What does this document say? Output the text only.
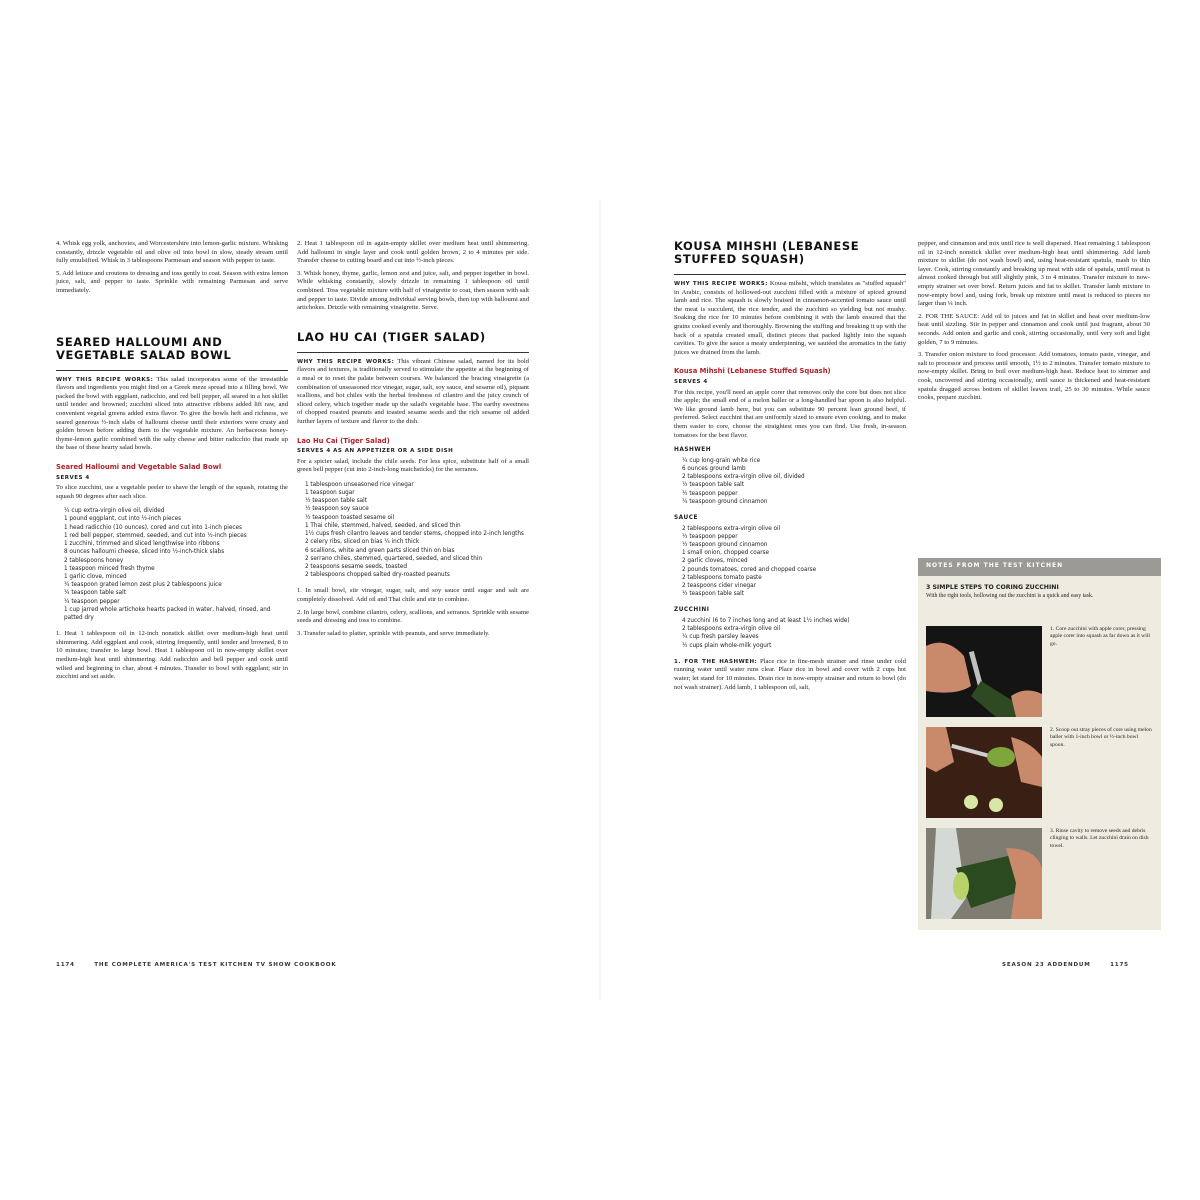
4. Whisk egg yolk, anchovies, and Worcestershire into lemon-garlic mixture. Whisking constantly, drizzle vegetable oil and olive oil into bowl in slow, steady stream until fully emulsified. Whisk in 3 tablespoons Parmesan and season with pepper to taste.

5. Add lettuce and croutons to dressing and toss gently to coat. Season with extra lemon juice, salt, and pepper to taste. Sprinkle with remaining Parmesan and serve immediately.

SEARED HALLOUMI AND VEGETABLE SALAD BOWL

WHY THIS RECIPE WORKS: This salad incorporates some of the irresistible flavors and ingredients you might find on a Greek meze spread into a filling bowl. We packed the bowl with eggplant, radicchio, and red bell pepper, all seared in a hot skillet until tender and browned; zucchini sliced into attractive ribbons added lift raw, and convenient vegetal greens added extra flavor. To give the bowls heft and richness, we seared generous ½-inch slabs of halloumi cheese until their exteriors were crusty and golden brown before adding them to the vegetable mixture. An herbaceous honey-thyme-lemon garlic combined with the salty cheese and bitter radicchio that made up the base of these hearty salad bowls.

Seared Halloumi and Vegetable Salad Bowl
SERVES 4

To slice zucchini, use a vegetable peeler to shave the length of the squash, rotating the squash 90 degrees after each slice.

¼ cup extra-virgin olive oil, divided
1 pound eggplant, cut into ½-inch pieces
1 head radicchio (10 ounces), cored and cut into 1-inch pieces
1 red bell pepper, stemmed, seeded, and cut into ½-inch pieces
1 zucchini, trimmed and sliced lengthwise into ribbons
8 ounces halloumi cheese, sliced into ½-inch-thick slabs
2 tablespoons honey
1 teaspoon minced fresh thyme
1 garlic clove, minced
¼ teaspoon grated lemon zest plus 2 tablespoons juice
¼ teaspoon table salt
¼ teaspoon pepper
1 cup jarred whole artichoke hearts packed in water, halved, rinsed, and patted dry

1. Heat 1 tablespoon oil in 12-inch nonstick skillet over medium-high heat until shimmering. Add eggplant and cook, stirring frequently, until tender and browned, 8 to 10 minutes; transfer to large bowl. Heat 1 tablespoon oil in now-empty skillet over medium-high heat until shimmering. Add radicchio and bell pepper and cook until wilted and beginning to char, about 4 minutes. Transfer to bowl with eggplant; stir in zucchini and set aside.

2. Heat 1 tablespoon oil in again-empty skillet over medium heat until shimmering. Add halloumi in single layer and cook until golden brown, 2 to 4 minutes per side. Transfer cheese to cutting board and cut into ½-inch pieces.

3. Whisk honey, thyme, garlic, lemon zest and juice, salt, and pepper together in bowl. While whisking constantly, slowly drizzle in remaining 1 tablespoon oil until combined. Toss vegetable mixture with half of vinaigrette to coat, then season with salt and pepper to taste. Divide among individual serving bowls, then top with halloumi and artichokes. Drizzle with remaining vinaigrette. Serve.

LAO HU CAI (TIGER SALAD)

WHY THIS RECIPE WORKS: This vibrant Chinese salad, named for its bold flavors and textures, is traditionally served to stimulate the appetite at the beginning of a meal or to reset the palate between courses. We balanced the bracing vinaigrette (a combination of unseasoned rice vinegar, sugar, salt, soy sauce, and sesame oil), piquant scallions, and hot chiles with the herbal freshness of cilantro and the juicy crunch of sliced celery, which together made up the salad's vegetable base. The earthy sweetness of chopped roasted peanuts and toasted sesame seeds and the rich sesame oil added further layers of texture and flavor to the dish.

Lao Hu Cai (Tiger Salad)
SERVES 4 AS AN APPETIZER OR A SIDE DISH

For a spicier salad, include the chile seeds. For less spice, substitute half of a small green bell pepper (cut into 2-inch-long matchsticks) for the serranos.

1 tablespoon unseasoned rice vinegar
1 teaspoon sugar
½ teaspoon table salt
½ teaspoon soy sauce
½ teaspoon toasted sesame oil
1 Thai chile, stemmed, halved, seeded, and sliced thin
1½ cups fresh cilantro leaves and tender stems, chopped into 2-inch lengths
2 celery ribs, sliced on bias ¼ inch thick
6 scallions, white and green parts sliced thin on bias
2 serrano chiles, stemmed, quartered, seeded, and sliced thin
2 teaspoons sesame seeds, toasted
2 tablespoons chopped salted dry-roasted peanuts

1. In small bowl, stir vinegar, sugar, salt, and soy sauce until sugar and salt are completely dissolved. Add oil and Thai chile and stir to combine.

2. In large bowl, combine cilantro, celery, scallions, and serranos. Sprinkle with sesame seeds and dressing and toss to combine.

3. Transfer salad to platter, sprinkle with peanuts, and serve immediately.

KOUSA MIHSHI (LEBANESE STUFFED SQUASH)

WHY THIS RECIPE WORKS: Kousa mihshi, which translates as "stuffed squash" in Arabic, consists of hollowed-out zucchini filled with a mixture of spiced ground lamb and rice. The squash is slowly braised in cinnamon-accented tomato sauce until the meat is succulent, the rice tender, and the zucchini so yielding but not mushy. Soaking the rice for 10 minutes before combining it with the lamb ensured that the grains cooked evenly and thoroughly. Browning the stuffing and breaking it up with the back of a spatula created small, distinct pieces that packed lightly into the squash cavities. To give the sauce a meaty underpinning, we sautéed the aromatics in the fatty juices we drained from the lamb.

Kousa Mihshi (Lebanese Stuffed Squash)
SERVES 4

For this recipe, you'll need an apple corer that removes only the core but does not slice the apple; the small end of a melon baller or a long-handled bar spoon is also helpful. We like ground lamb here, but you can substitute 90 percent lean ground beef, if preferred. Select zucchini that are uniformly sized to ensure even cooking, and to make them easier to core, choose the straightest ones you can find. Use fresh, in-season tomatoes for the best flavor.

HASHWEH
¼ cup long-grain white rice
6 ounces ground lamb
2 tablespoons extra-virgin olive oil, divided
½ teaspoon table salt
½ teaspoon pepper
¼ teaspoon ground cinnamon
SAUCE
2 tablespoons extra-virgin olive oil
½ teaspoon pepper
½ teaspoon ground cinnamon
1 small onion, chopped coarse
2 garlic cloves, minced
2 pounds tomatoes, cored and chopped coarse
2 tablespoons tomato paste
2 teaspoons cider vinegar
½ teaspoon table salt
ZUCCHINI
4 zucchini (6 to 7 inches long and at least 1½ inches wide)
2 tablespoons extra-virgin olive oil
¼ cup fresh parsley leaves
½ cups plain whole-milk yogurt

1. FOR THE HASHWEH: Place rice in fine-mesh strainer and rinse under cold running water until water runs clear. Place rice in bowl and cover with 2 cups hot water; let stand for 10 minutes. Drain rice in now-empty strainer and return to bowl (do not wash strainer). Add lamb, 1 tablespoon oil, salt,

pepper, and cinnamon and mix until rice is well dispersed. Heat remaining 1 tablespoon oil in 12-inch nonstick skillet over medium-high heat until shimmering. Add lamb mixture to skillet (do not wash bowl) and, using heat-resistant spatula, mash to thin layer. Cook, stirring constantly and breaking up meat with side of spatula, until meat is almost cooked through but still slightly pink, 3 to 4 minutes. Transfer mixture to now-empty strainer set over bowl. Return juices and fat to skillet. Transfer lamb mixture to now-empty bowl and, using fork, break up mixture until meat is reduced to pieces no larger than ¼ inch.

2. FOR THE SAUCE: Add oil to juices and fat in skillet and heat over medium-low heat until sizzling. Stir in pepper and cinnamon and cook until just fragrant, about 30 seconds. Add onion and garlic and cook, stirring occasionally, until very soft and light golden, 7 to 9 minutes.

3. Transfer onion mixture to food processor. Add tomatoes, tomato paste, vinegar, and salt to processor and process until smooth, 1½ to 2 minutes. Transfer tomato mixture to now-empty skillet. Bring to boil over medium-high heat. Reduce heat to simmer and cook, uncovered and stirring occasionally, until sauce is thickened and heat-resistant spatula dragged across bottom of skillet leaves trail, 25 to 30 minutes. While sauce cooks, prepare zucchini.

NOTES FROM THE TEST KITCHEN
3 SIMPLE STEPS TO CORING ZUCCHINI
With the right tools, hollowing out the zucchini is a quick and easy task.
1. Core zucchini with apple corer, pressing apple corer into squash as far down as it will go.
2. Scoop out stray pieces of core using melon baller with 1-inch bowl or ½-inch bowl spoon.
3. Rinse cavity to remove seeds and debris clinging to walls. Let zucchini drain on dish towel.
1174	THE COMPLETE AMERICA'S TEST KITCHEN TV SHOW COOKBOOK	SEASON 23 ADDENDUM	1175
